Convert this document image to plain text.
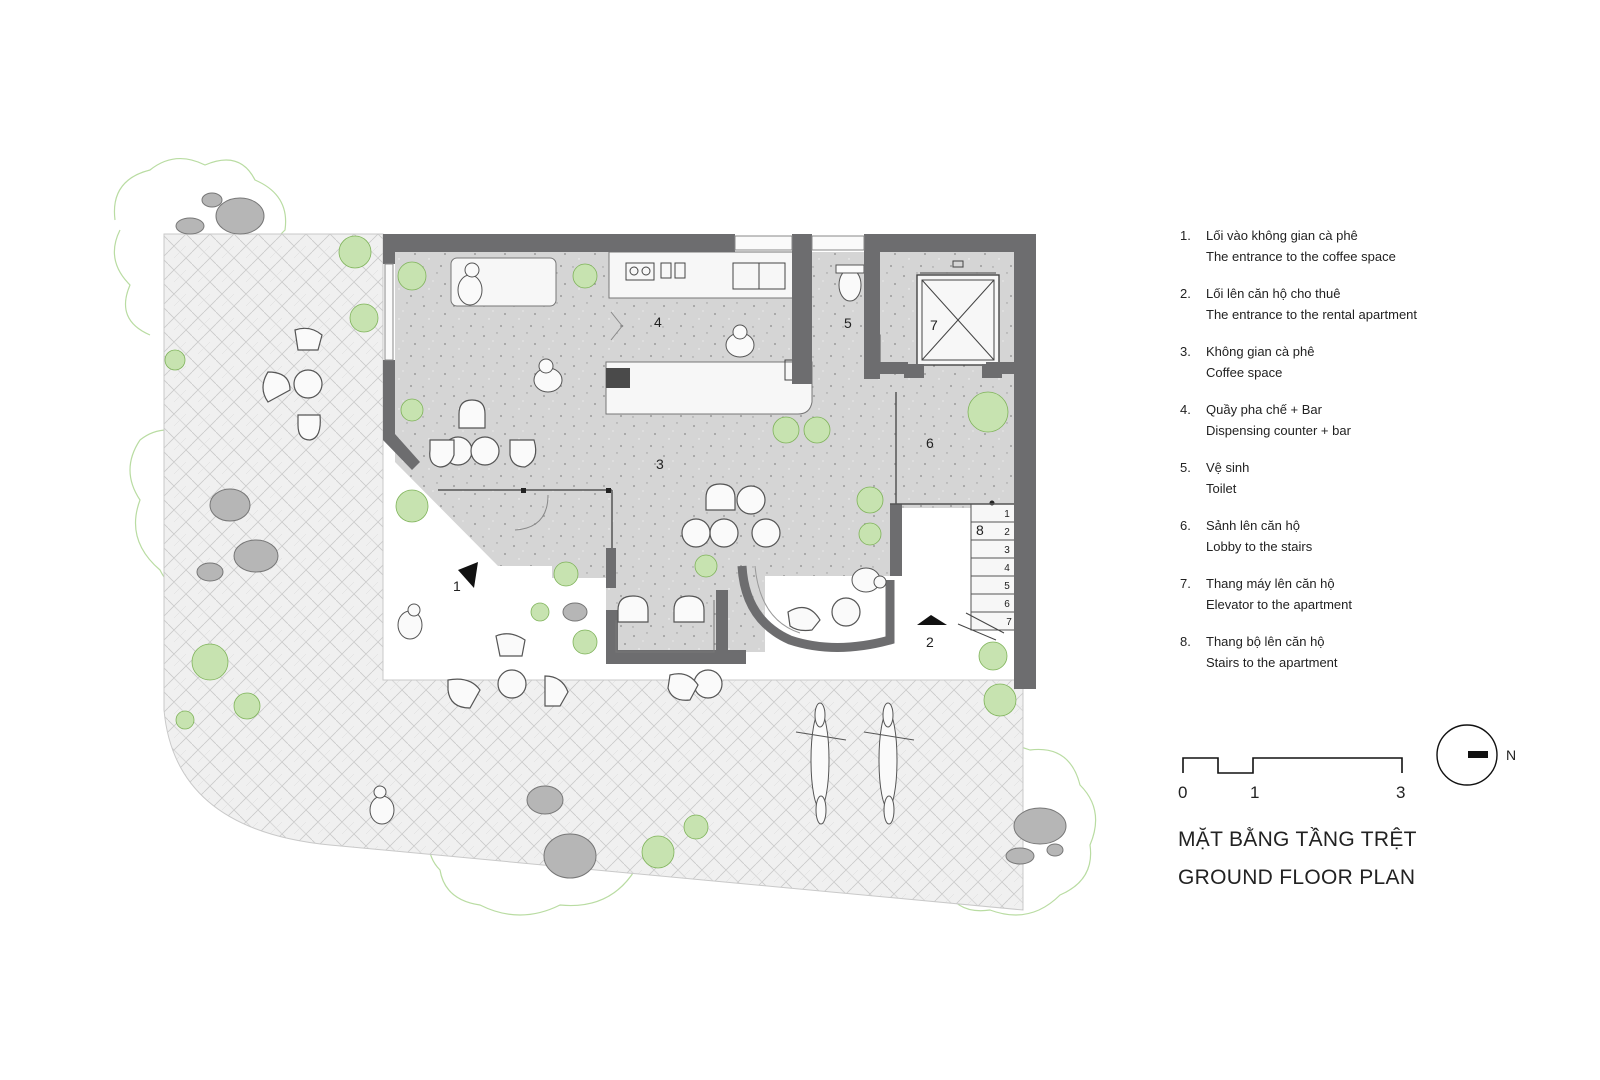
1
2
3
4	5
6
7
8
1
2
3
4
5
6
7
0	1	3
N
1.	Lối vào không gian cà phê
The entrance to the coffee space
2.	Lối lên căn hộ cho thuê
The entrance to the rental apartment
3.	Không gian cà phê
Coffee space
4.	Quầy pha chế + Bar
Dispensing counter + bar
5.	Vệ sinh
Toilet
6.	Sảnh lên căn hộ
Lobby to the stairs
7.	Thang máy lên căn hộ
Elevator to the apartment
8.	Thang bộ lên căn hộ
Stairs to the apartment
MẶT BẰNG TẦNG TRỆT
GROUND FLOOR PLAN
